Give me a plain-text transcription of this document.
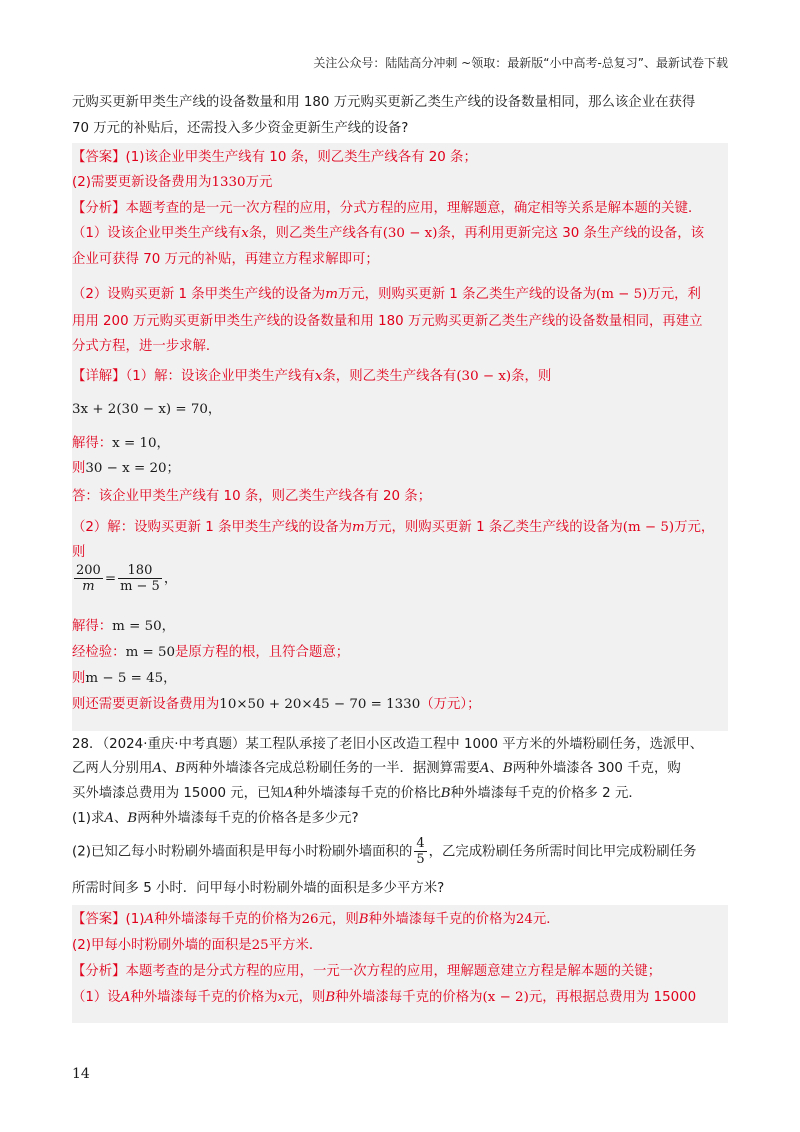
关注公众号：陆陆高分冲刺 ~领取：最新版“小中高考-总复习”、最新试卷下载
元购买更新甲类生产线的设备数量和用 180 万元购买更新乙类生产线的设备数量相同，那么该企业在获得
70 万元的补贴后，还需投入多少资金更新生产线的设备?
【答案】(1)该企业甲类生产线有 10 条，则乙类生产线各有 20 条；
(2)需要更新设备费用为1330万元
【分析】本题考查的是一元一次方程的应用，分式方程的应用，理解题意，确定相等关系是解本题的关键．
（1）设该企业甲类生产线有x条，则乙类生产线各有(30 − x)条，再利用更新完这 30 条生产线的设备，该
企业可获得 70 万元的补贴，再建立方程求解即可；
（2）设购买更新 1 条甲类生产线的设备为m万元，则购买更新 1 条乙类生产线的设备为(m − 5)万元，利
用用 200 万元购买更新甲类生产线的设备数量和用 180 万元购买更新乙类生产线的设备数量相同，再建立
分式方程，进一步求解．
【详解】（1）解：设该企业甲类生产线有x条，则乙类生产线各有(30 − x)条，则
3x + 2(30 − x) = 70，
解得：x = 10，
则30 − x = 20；
答：该企业甲类生产线有 10 条，则乙类生产线各有 20 条；
（2）解：设购买更新 1 条甲类生产线的设备为m万元，则购买更新 1 条乙类生产线的设备为(m − 5)万元，
则
$\frac{200}{m} = \frac{180}{m - 5}$ ，
解得：m = 50，
经检验：m = 50是原方程的根，且符合题意；
则m − 5 = 45，
则还需要更新设备费用为10×50 + 20×45 − 70 = 1330（万元）；
28．（2024·重庆·中考真题）某工程队承接了老旧小区改造工程中 1000 平方米的外墙粉刷任务，选派甲、
乙两人分别用A、B两种外墙漆各完成总粉刷任务的一半．据测算需要A、B两种外墙漆各 300 千克，购
买外墙漆总费用为 15000 元，已知A种外墙漆每千克的价格比B种外墙漆每千克的价格多 2 元．
(1)求A、B两种外墙漆每千克的价格各是多少元?
(2)已知乙每小时粉刷外墙面积是甲每小时粉刷外墙面积的 $\frac{4}{5}$ ，乙完成粉刷任务所需时间比甲完成粉刷任务
所需时间多 5 小时．问甲每小时粉刷外墙的面积是多少平方米?
【答案】(1)A种外墙漆每千克的价格为26元，则B种外墙漆每千克的价格为24元．
(2)甲每小时粉刷外墙的面积是25平方米．
【分析】本题考查的是分式方程的应用，一元一次方程的应用，理解题意建立方程是解本题的关键；
（1）设A种外墙漆每千克的价格为x元，则B种外墙漆每千克的价格为(x − 2)元，再根据总费用为 15000
14
